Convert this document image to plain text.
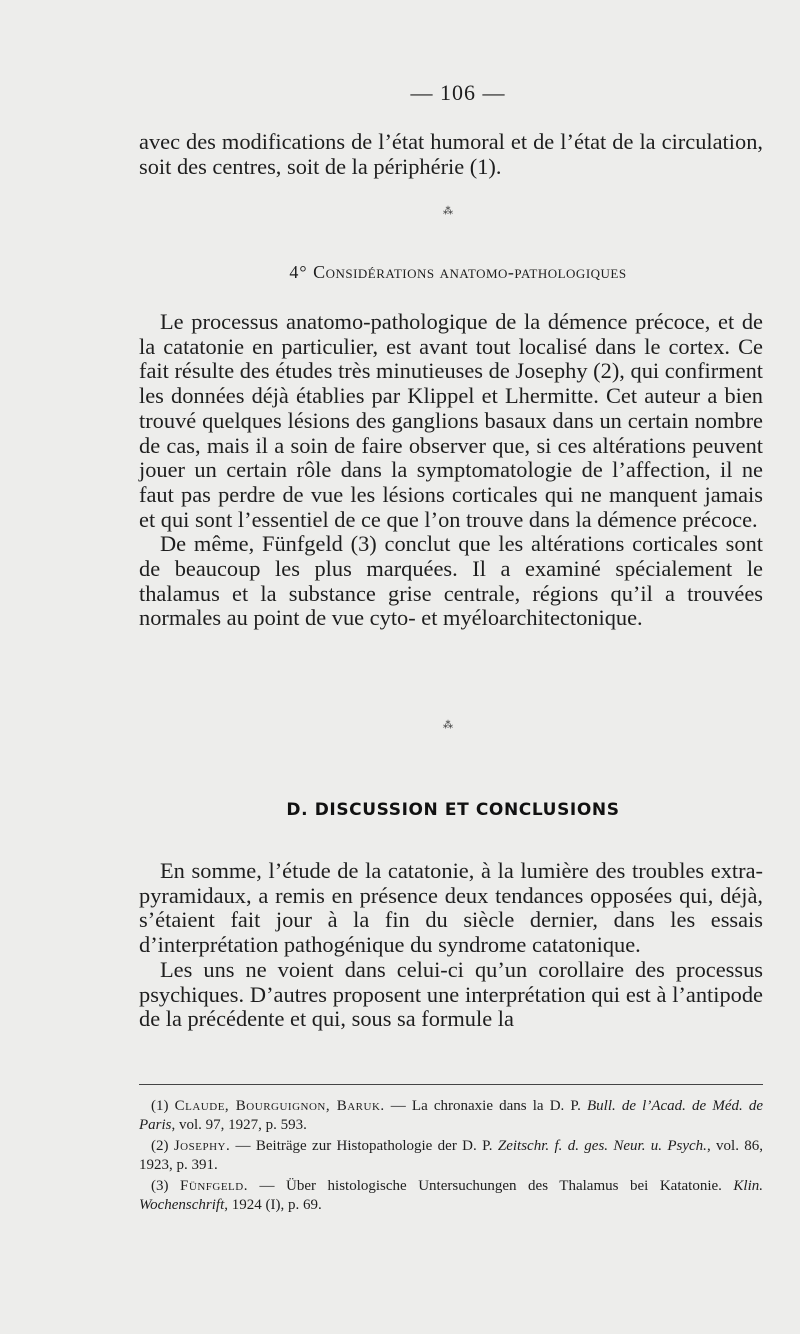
— 106 —

avec des modifications de l’état humoral et de l’état de la circulation, soit des centres, soit de la périphérie (1).

⁂
4° Considérations anatomo-pathologiques

Le processus anatomo-pathologique de la démence précoce, et de la catatonie en particulier, est avant tout localisé dans le cortex. Ce fait résulte des études très minutieuses de Josephy (2), qui confirment les données déjà établies par Klippel et Lhermitte. Cet auteur a bien trouvé quelques lésions des ganglions basaux dans un certain nombre de cas, mais il a soin de faire observer que, si ces altérations peuvent jouer un certain rôle dans la symptomatologie de l’affection, il ne faut pas perdre de vue les lésions corticales qui ne manquent jamais et qui sont l’essentiel de ce que l’on trouve dans la démence précoce.

De même, Fünfgeld (3) conclut que les altérations corticales sont de beaucoup les plus marquées. Il a examiné spécialement le thalamus et la substance grise centrale, régions qu’il a trouvées normales au point de vue cyto- et myéloarchitectonique.

⁂
D. DISCUSSION ET CONCLUSIONS

En somme, l’étude de la catatonie, à la lumière des troubles extra-pyramidaux, a remis en présence deux tendances opposées qui, déjà, s’étaient fait jour à la fin du siècle dernier, dans les essais d’interprétation pathogénique du syndrome catatonique.

Les uns ne voient dans celui-ci qu’un corollaire des processus psychiques. D’autres proposent une interprétation qui est à l’antipode de la précédente et qui, sous sa formule la

(1) Claude, Bourguignon, Baruk. — La chronaxie dans la D. P. Bull. de l’Acad. de Méd. de Paris, vol. 97, 1927, p. 593.

(2) Josephy. — Beiträge zur Histopathologie der D. P. Zeitschr. f. d. ges. Neur. u. Psych., vol. 86, 1923, p. 391.

(3) Fünfgeld. — Über histologische Untersuchungen des Thalamus bei Katatonie. Klin. Wochenschrift, 1924 (I), p. 69.
